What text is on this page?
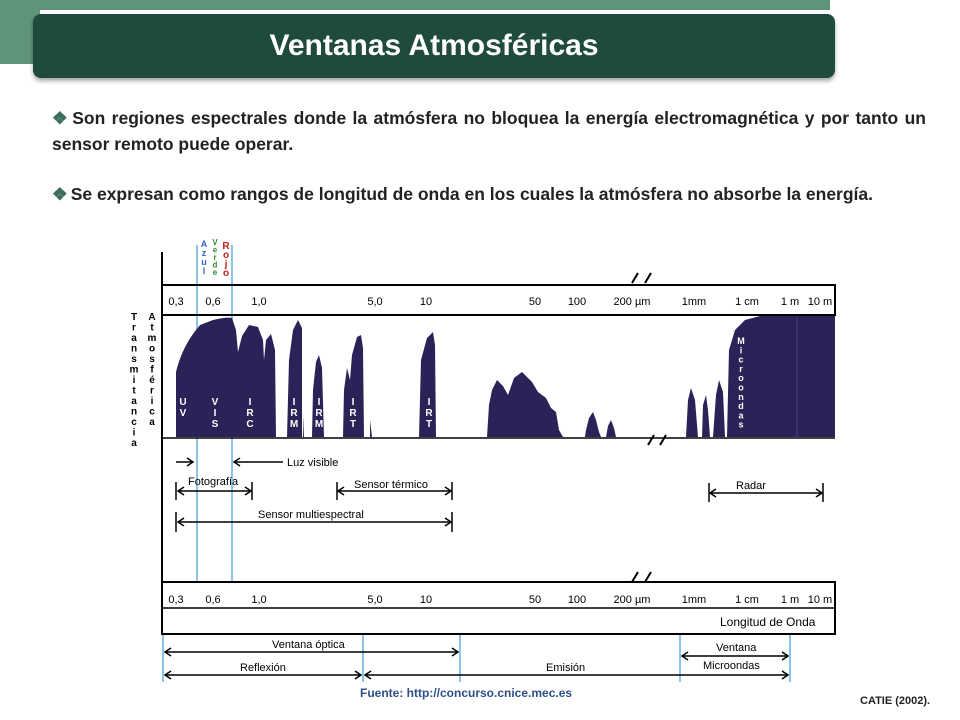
Ventanas Atmosféricas
❖ Son regiones espectrales donde la atmósfera no bloquea la energía electromagnética y por tanto un sensor remoto puede operar.
❖ Se expresan como rangos de longitud de onda en los cuales la atmósfera no absorbe la energía.
A
z
u
l
V
e
r
d
e
R
o
j
o
0,3 0,6	1,0	5,0	10	50 100 200 µm	1mm	1 cm 1 m 10 m
0,3 0,6	1,0	5,0	10	50 100 200 µm	1mm	1 cm 1 m 10 m
T
r
a
n
s
m
i
t
a
n
c
i
a
A
t
m
o
s
f
é
r
i
c
a
U
V
V
I
S
I
R
C
I
R
M
I
R
M
I
R
T
I
R
T
M
i
c
r
o
o
n
d
a
s
Luz visible
Fotografía	Sensor térmico	Radar
Sensor multiespectral
Longitud de Onda
Ventana óptica	Ventana
Microondas
Reflexión	Emisión
Fuente: http://concurso.cnice.mec.es
CATIE (2002).
